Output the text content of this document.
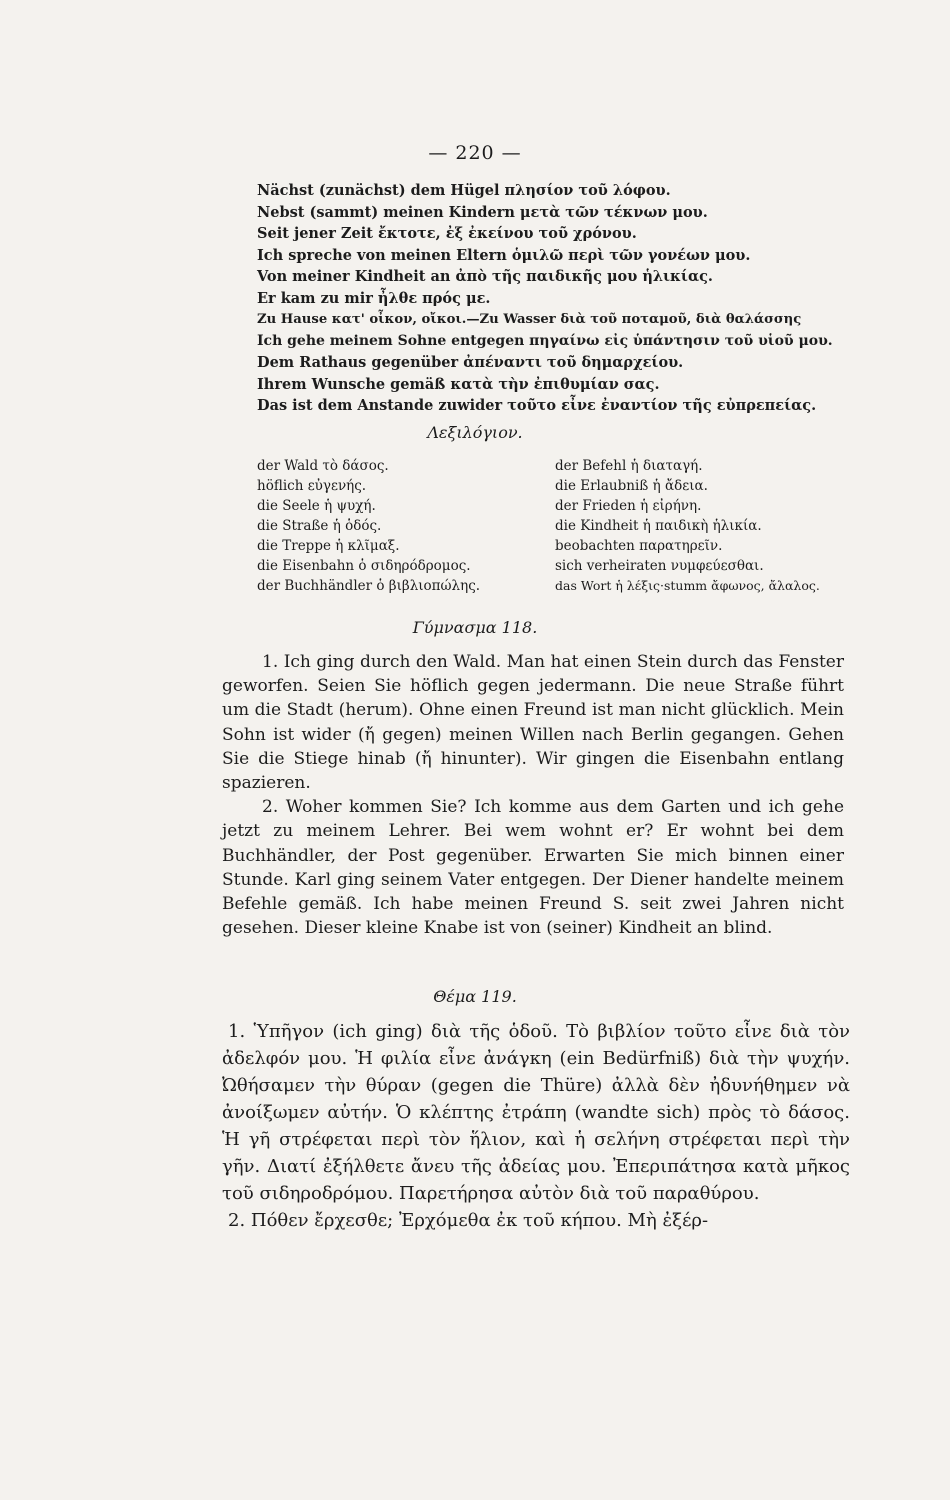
— 220 —
Nächst (zunächst) dem Hügel πλησίον τοῦ λόφου.
Nebst (sammt) meinen Kindern μετὰ τῶν τέκνων μου.
Seit jener Zeit ἔκτοτε, ἐξ ἐκείνου τοῦ χρόνου.
Ich spreche von meinen Eltern ὁμιλῶ περὶ τῶν γονέων μου.
Von meiner Kindheit an ἀπὸ τῆς παιδικῆς μου ἡλικίας.
Er kam zu mir ἦλθε πρός με.
Zu Hause κατ' οἶκον, οἴκοι.—Zu Wasser διὰ τοῦ ποταμοῦ, διὰ θαλάσσης
Ich gehe meinem Sohne entgegen πηγαίνω εἰς ὑπάντησιν τοῦ υἱοῦ μου.
Dem Rathaus gegenüber ἀπέναντι τοῦ δημαρχείου.
Ihrem Wunsche gemäß κατὰ τὴν ἐπιθυμίαν σας.
Das ist dem Anstande zuwider τοῦτο εἶνε ἐναντίον τῆς εὐπρεπείας.
Λεξιλόγιον.
der Wald τὸ δάσος.
höflich εὐγενής.
die Seele ἡ ψυχή.
die Straße ἡ ὁδός.
die Treppe ἡ κλῖμαξ.
die Eisenbahn ὁ σιδηρόδρομος.
der Buchhändler ὁ βιβλιοπώλης.
der Befehl ἡ διαταγή.
die Erlaubniß ἡ ἄδεια.
der Frieden ἡ εἰρήνη.
die Kindheit ἡ παιδικὴ ἡλικία.
beobachten παρατηρεῖν.
sich verheiraten νυμφεύεσθαι.
das Wort ἡ λέξις·stumm ἄφωνος, ἄλαλος.
Γύμνασμα 118.

1. Ich ging durch den Wald. Man hat einen Stein durch das Fenster geworfen. Seien Sie höflich gegen jedermann. Die neue Straße führt um die Stadt (herum). Ohne einen Freund ist man nicht glücklich. Mein Sohn ist wider (ἤ gegen) meinen Willen nach Berlin gegangen. Gehen Sie die Stiege hinab (ἤ hinunter). Wir gingen die Eisenbahn entlang spazieren.

2. Woher kommen Sie? Ich komme aus dem Garten und ich gehe jetzt zu meinem Lehrer. Bei wem wohnt er? Er wohnt bei dem Buchhändler, der Post gegenüber. Erwarten Sie mich binnen einer Stunde. Karl ging seinem Vater entgegen. Der Diener handelte meinem Befehle gemäß. Ich habe meinen Freund S. seit zwei Jahren nicht gesehen. Dieser kleine Knabe ist von (seiner) Kindheit an blind.

Θέμα 119.

1. Ὑπῆγον (ich ging) διὰ τῆς ὁδοῦ. Τὸ βιβλίον τοῦτο εἶνε διὰ τὸν ἀδελφόν μου. Ἡ φιλία εἶνε ἀνάγκη (ein Bedürfniß) διὰ τὴν ψυχήν. Ὠθήσαμεν τὴν θύραν (gegen die Thüre) ἀλλὰ δὲν ἠδυνήθημεν νὰ ἀνοίξωμεν αὐτήν. Ὁ κλέπτης ἐτράπη (wandte sich) πρὸς τὸ δάσος. Ἡ γῆ στρέφεται περὶ τὸν ἥλιον, καὶ ἡ σελήνη στρέφεται περὶ τὴν γῆν. Διατί ἐξήλθετε ἄνευ τῆς ἀδείας μου. Ἐπεριπάτησα κατὰ μῆκος τοῦ σιδηροδρόμου. Παρετήρησα αὐτὸν διὰ τοῦ παραθύρου.

2. Πόθεν ἔρχεσθε; Ἐρχόμεθα ἐκ τοῦ κήπου. Μὴ ἐξέρ-
